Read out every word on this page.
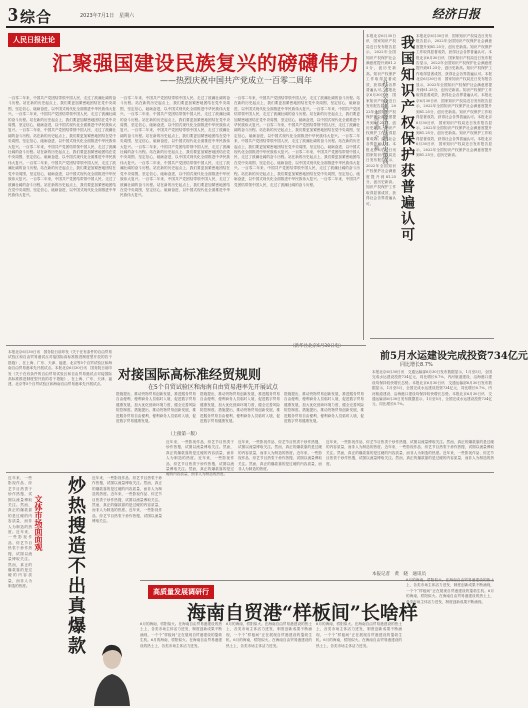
3 综合	2023年7月1日　星期六	经济日报
人民日报社论
汇聚强国建设民族复兴的磅礴伟力
——热烈庆祝中国共产党成立一百零二周年
一百零二年来，中国共产党团结带领中国人民，走过了波澜壮阔的奋斗历程。站在新的历史起点上，我们要更加紧密地团结在党中央周围，坚定信心，砥砺奋进，以中国式现代化全面推进中华民族伟大复兴。一百零二年来，中国共产党团结带领中国人民，走过了波澜壮阔的奋斗历程。站在新的历史起点上，我们要更加紧密地团结在党中央周围，坚定信心，砥砺奋进，以中国式现代化全面推进中华民族伟大复兴。一百零二年来，中国共产党团结带领中国人民，走过了波澜壮阔的奋斗历程。站在新的历史起点上，我们要更加紧密地团结在党中央周围，坚定信心，砥砺奋进，以中国式现代化全面推进中华民族伟大复兴。一百零二年来，中国共产党团结带领中国人民，走过了波澜壮阔的奋斗历程。站在新的历史起点上，我们要更加紧密地团结在党中央周围，坚定信心，砥砺奋进，以中国式现代化全面推进中华民族伟大复兴。一百零二年来，中国共产党团结带领中国人民，走过了波澜壮阔的奋斗历程。站在新的历史起点上，我们要更加紧密地团结在党中央周围，坚定信心，砥砺奋进，以中国式现代化全面推进中华民族伟大复兴。一百零二年来，中国共产党团结带领中国人民，走过了波澜壮阔的奋斗历程。站在新的历史起点上，我们要更加紧密地团结在党中央周围，坚定信心，砥砺奋进，以中国式现代化全面推进中华民族伟大复兴。
一百零二年来，中国共产党团结带领中国人民，走过了波澜壮阔的奋斗历程。站在新的历史起点上，我们要更加紧密地团结在党中央周围，坚定信心，砥砺奋进，以中国式现代化全面推进中华民族伟大复兴。一百零二年来，中国共产党团结带领中国人民，走过了波澜壮阔的奋斗历程。站在新的历史起点上，我们要更加紧密地团结在党中央周围，坚定信心，砥砺奋进，以中国式现代化全面推进中华民族伟大复兴。一百零二年来，中国共产党团结带领中国人民，走过了波澜壮阔的奋斗历程。站在新的历史起点上，我们要更加紧密地团结在党中央周围，坚定信心，砥砺奋进，以中国式现代化全面推进中华民族伟大复兴。一百零二年来，中国共产党团结带领中国人民，走过了波澜壮阔的奋斗历程。站在新的历史起点上，我们要更加紧密地团结在党中央周围，坚定信心，砥砺奋进，以中国式现代化全面推进中华民族伟大复兴。一百零二年来，中国共产党团结带领中国人民，走过了波澜壮阔的奋斗历程。站在新的历史起点上，我们要更加紧密地团结在党中央周围，坚定信心，砥砺奋进，以中国式现代化全面推进中华民族伟大复兴。一百零二年来，中国共产党团结带领中国人民，走过了波澜壮阔的奋斗历程。站在新的历史起点上，我们要更加紧密地团结在党中央周围，坚定信心，砥砺奋进，以中国式现代化全面推进中华民族伟大复兴。
一百零二年来，中国共产党团结带领中国人民，走过了波澜壮阔的奋斗历程。站在新的历史起点上，我们要更加紧密地团结在党中央周围，坚定信心，砥砺奋进，以中国式现代化全面推进中华民族伟大复兴。一百零二年来，中国共产党团结带领中国人民，走过了波澜壮阔的奋斗历程。站在新的历史起点上，我们要更加紧密地团结在党中央周围，坚定信心，砥砺奋进，以中国式现代化全面推进中华民族伟大复兴。一百零二年来，中国共产党团结带领中国人民，走过了波澜壮阔的奋斗历程。站在新的历史起点上，我们要更加紧密地团结在党中央周围，坚定信心，砥砺奋进，以中国式现代化全面推进中华民族伟大复兴。一百零二年来，中国共产党团结带领中国人民，走过了波澜壮阔的奋斗历程。站在新的历史起点上，我们要更加紧密地团结在党中央周围，坚定信心，砥砺奋进，以中国式现代化全面推进中华民族伟大复兴。一百零二年来，中国共产党团结带领中国人民，走过了波澜壮阔的奋斗历程。站在新的历史起点上，我们要更加紧密地团结在党中央周围，坚定信心，砥砺奋进，以中国式现代化全面推进中华民族伟大复兴。一百零二年来，中国共产党团结带领中国人民，走过了波澜壮阔的奋斗历程。站在新的历史起点上，我们要更加紧密地团结在党中央周围，坚定信心，砥砺奋进，以中国式现代化全面推进中华民族伟大复兴。一百零二年来，中国共产党团结带领中国人民，走过了波澜壮阔的奋斗历程。
（新华社北京6月30日电）
本报北京6月30日讯　国家知识产权局近日发布报告显示，2022年全国知识产权保护社会满意度提升到81.25分，创历史新高。知识产权保护工作取得显著成效，获得社会各界普遍认可。本报北京6月30日讯　国家知识产权局近日发布报告显示，2022年全国知识产权保护社会满意度提升到81.25分，创历史新高。知识产权保护工作取得显著成效，获得社会各界普遍认可。本报北京6月30日讯　国家知识产权局近日发布报告显示，2022年全国知识产权保护社会满意度提升到81.25分，创历史新高。知识产权保护工作取得显著成效，获得社会各界普遍认可。
我国知识产权保护获普遍认可
社会公众满意度提升到历史最高
本报记者　佘　颖
本报北京6月30日讯　国家知识产权局近日发布报告显示，2022年全国知识产权保护社会满意度提升到81.25分，创历史新高。知识产权保护工作取得显著成效，获得社会各界普遍认可。本报北京6月30日讯　国家知识产权局近日发布报告显示，2022年全国知识产权保护社会满意度提升到81.25分，创历史新高。知识产权保护工作取得显著成效，获得社会各界普遍认可。本报北京6月30日讯　国家知识产权局近日发布报告显示，2022年全国知识产权保护社会满意度提升到81.25分，创历史新高。知识产权保护工作取得显著成效，获得社会各界普遍认可。本报北京6月30日讯　国家知识产权局近日发布报告显示，2022年全国知识产权保护社会满意度提升到81.25分，创历史新高。知识产权保护工作取得显著成效，获得社会各界普遍认可。本报北京6月30日讯　国家知识产权局近日发布报告显示，2022年全国知识产权保护社会满意度提升到81.25分，创历史新高。知识产权保护工作取得显著成效，获得社会各界普遍认可。本报北京6月30日讯　国家知识产权局近日发布报告显示，2022年全国知识产权保护社会满意度提升到81.25分，创历史新高。
本报北京6月30日讯　国务院日前印发《关于在有条件的自由贸易试验区和自由贸易港试点对接国际高标准推进制度型开放的若干措施》，在上海、广东、天津、福建、北京等5个自贸试验区和海南自由贸易港率先开展试点。本报北京6月30日讯　国务院日前印发《关于在有条件的自由贸易试验区和自由贸易港试点对接国际高标准推进制度型开放的若干措施》，在上海、广东、天津、福建、北京等5个自贸试验区和海南自由贸易港率先开展试点。
对接国际高标准经贸规则
在5个自贸试验区和海南自由贸易港率先开展试点
措施提出，推动货物贸易创新发展，推进服务贸易自由便利，便利商务人员临时入境，促进数字贸易健康发展，加大优化营商环境力度，健全完善风险防控制度。措施提出，推动货物贸易创新发展，推进服务贸易自由便利，便利商务人员临时入境，促进数字贸易健康发展。
措施提出，推动货物贸易创新发展，推进服务贸易自由便利，便利商务人员临时入境，促进数字贸易健康发展，加大优化营商环境力度，健全完善风险防控制度。措施提出，推动货物贸易创新发展，推进服务贸易自由便利，便利商务人员临时入境，促进数字贸易健康发展。
措施提出，推动货物贸易创新发展，推进服务贸易自由便利，便利商务人员临时入境，促进数字贸易健康发展，加大优化营商环境力度，健全完善风险防控制度。措施提出，推动货物贸易创新发展，推进服务贸易自由便利，便利商务人员临时入境，促进数字贸易健康发展。
前5月水运建设完成投资734亿元
同比增长8.7%
本报北京6月30日讯　交通运输部6月30日发布数据显示，1月至5月，全国完成水运建设投资734亿元，同比增长8.7%，内河航道建设、沿海港口建设均保持较快增长态势。本报北京6月30日讯　交通运输部6月30日发布数据显示，1月至5月，全国完成水运建设投资734亿元，同比增长8.7%，内河航道建设、沿海港口建设均保持较快增长态势。本报北京6月30日讯　交通运输部6月30日发布数据显示，1月至5月，全国完成水运建设投资734亿元，同比增长8.7%。
近年来，一些影视作品、综艺节目热衷于炒作热搜，试图以流量博取关注。然而，真正的爆款靠的是过硬的内容质量，而非人为制造的热度。近年来，一些影视作品、综艺节目热衷于炒作热搜，试图以流量博取关注。然而，真正的爆款靠的是过硬的内容质量，而非人为制造的热度。
文体市场面面观 炒热搜造不出真爆款
近年来，一些影视作品、综艺节目热衷于炒作热搜，试图以流量博取关注。然而，真正的爆款靠的是过硬的内容质量，而非人为制造的热度。近年来，一些影视作品、综艺节目热衷于炒作热搜，试图以流量博取关注。然而，真正的爆款靠的是过硬的内容质量，而非人为制造的热度。近年来，一些影视作品、综艺节目热衷于炒作热搜，试图以流量博取关注。
（上接第一版）
近年来，一些影视作品、综艺节目热衷于炒作热搜，试图以流量博取关注。然而，真正的爆款靠的是过硬的内容质量，而非人为制造的热度。近年来，一些影视作品、综艺节目热衷于炒作热搜，试图以流量博取关注。然而，真正的爆款靠的是过硬的内容质量，而非人为制造的热度。
近年来，一些影视作品、综艺节目热衷于炒作热搜，试图以流量博取关注。然而，真正的爆款靠的是过硬的内容质量，而非人为制造的热度。近年来，一些影视作品、综艺节目热衷于炒作热搜，试图以流量博取关注。然而，真正的爆款靠的是过硬的内容质量，而非人为制造的热度。
近年来，一些影视作品、综艺节目热衷于炒作热搜，试图以流量博取关注。然而，真正的爆款靠的是过硬的内容质量，而非人为制造的热度。近年来，一些影视作品、综艺节目热衷于炒作热搜，试图以流量博取关注。然而，真正的爆款靠的是过硬的内容质量，而非人为制造的热度。近年来，一些影视作品、综艺节目热衷于炒作热搜，试图以流量博取关注。然而，真正的爆款靠的是过硬的内容质量，而非人为制造的热度。
高质量发展调研行
海南自贸港“样板间”长啥样
本报记者　黄　晓　通讯员
6月的海南，骄阳似火。在海南自由贸易港建设的热土上，各类市场主体活力迸发，制度创新成果不断涌现，一个个“样板间”正在展现自贸港建设的蓬勃生机。6月的海南，骄阳似火。在海南自由贸易港建设的热土上，各类市场主体活力迸发。
6月的海南，骄阳似火。在海南自由贸易港建设的热土上，各类市场主体活力迸发，制度创新成果不断涌现，一个个“样板间”正在展现自贸港建设的蓬勃生机。6月的海南，骄阳似火。在海南自由贸易港建设的热土上，各类市场主体活力迸发。
6月的海南，骄阳似火。在海南自由贸易港建设的热土上，各类市场主体活力迸发，制度创新成果不断涌现，一个个“样板间”正在展现自贸港建设的蓬勃生机。6月的海南，骄阳似火。在海南自由贸易港建设的热土上，各类市场主体活力迸发。
6月的海南，骄阳似火。在海南自由贸易港建设的热土上，各类市场主体活力迸发，制度创新成果不断涌现，一个个“样板间”正在展现自贸港建设的蓬勃生机。6月的海南，骄阳似火。在海南自由贸易港建设的热土上，各类市场主体活力迸发，制度创新成果不断涌现。
